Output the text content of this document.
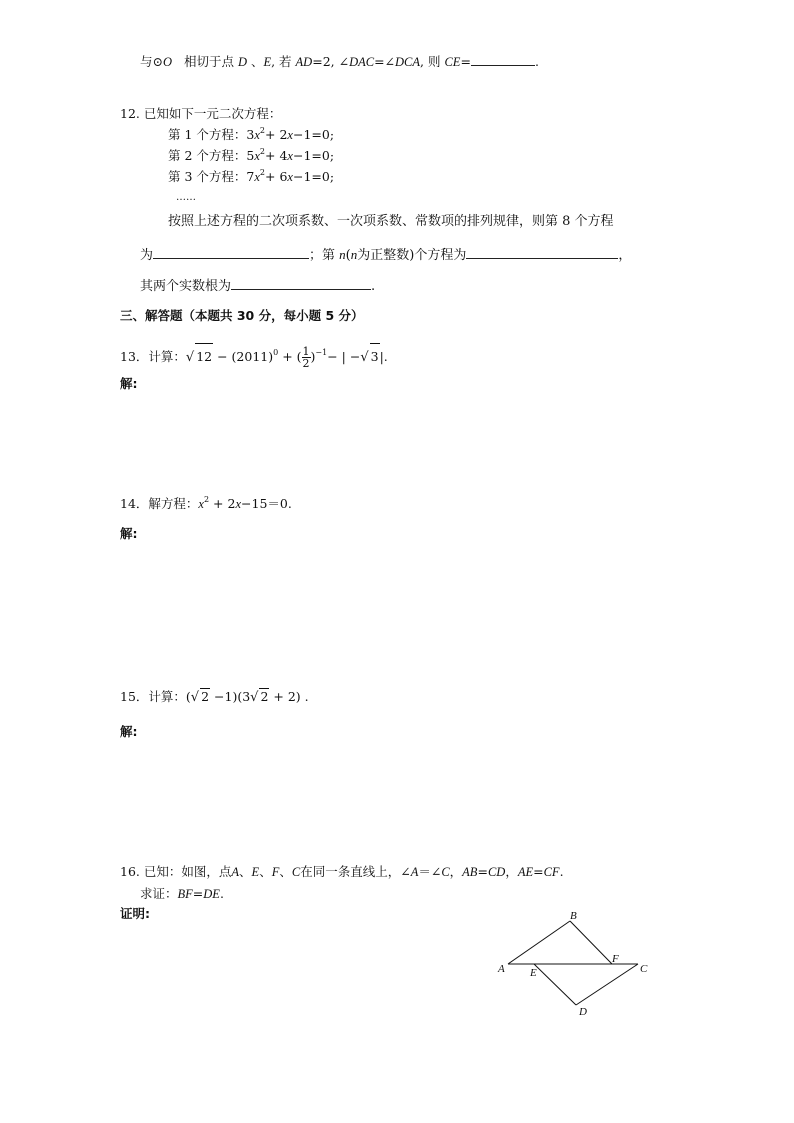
与⊙O 相切于点 D 、E, 若 AD=2, ∠DAC=∠DCA, 则 CE=	.
12. 已知如下一元二次方程：
第 1 个方程：$3x^2+ 2x-1=0$;
第 2 个方程：$5x^2+ 4x-1=0$;
第 3 个方程：$7x^2+ 6x-1=0$;
……
按照上述方程的二次项系数、一次项系数、常数项的排列规律，则第 8 个方程
为	；第 n(n为正整数)个方程为	，
其两个实数根为	.
三、解答题（本题共 30 分，每小题 5 分）
13．计算：√ $12 - (2011)^0$ + ( $\frac{1}{2} )^{-1}-$ | −√ 3|.
解:
14．解方程：$x^2 + 2x-15=0$.
解:
15．计算：(√ 2 −1)(3√ 2 + 2) .
解:
16. 已知：如图，点A、E、F、C在同一条直线上，∠A＝∠C，AB=CD，AE=CF.
求证：BF=DE.
证明:
A
B
C
D
E
F
